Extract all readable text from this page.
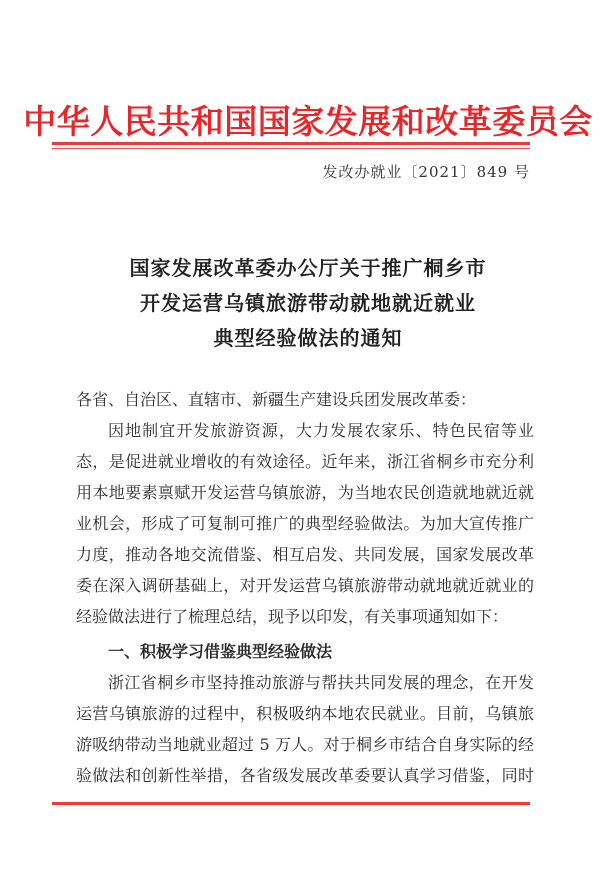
中华人民共和国国家发展和改革委员会
发改办就业〔2021〕849 号
国家发展改革委办公厅关于推广桐乡市
开发运营乌镇旅游带动就地就近就业
典型经验做法的通知
各省、自治区、直辖市、新疆生产建设兵团发展改革委：
因地制宜开发旅游资源，大力发展农家乐、特色民宿等业
态，是促进就业增收的有效途径。近年来，浙江省桐乡市充分利
用本地要素禀赋开发运营乌镇旅游，为当地农民创造就地就近就
业机会，形成了可复制可推广的典型经验做法。为加大宣传推广
力度，推动各地交流借鉴、相互启发、共同发展，国家发展改革
委在深入调研基础上，对开发运营乌镇旅游带动就地就近就业的
经验做法进行了梳理总结，现予以印发，有关事项通知如下：
一、积极学习借鉴典型经验做法
浙江省桐乡市坚持推动旅游与帮扶共同发展的理念，在开发
运营乌镇旅游的过程中，积极吸纳本地农民就业。目前，乌镇旅
游吸纳带动当地就业超过 5 万人。对于桐乡市结合自身实际的经
验做法和创新性举措，各省级发展改革委要认真学习借鉴，同时
